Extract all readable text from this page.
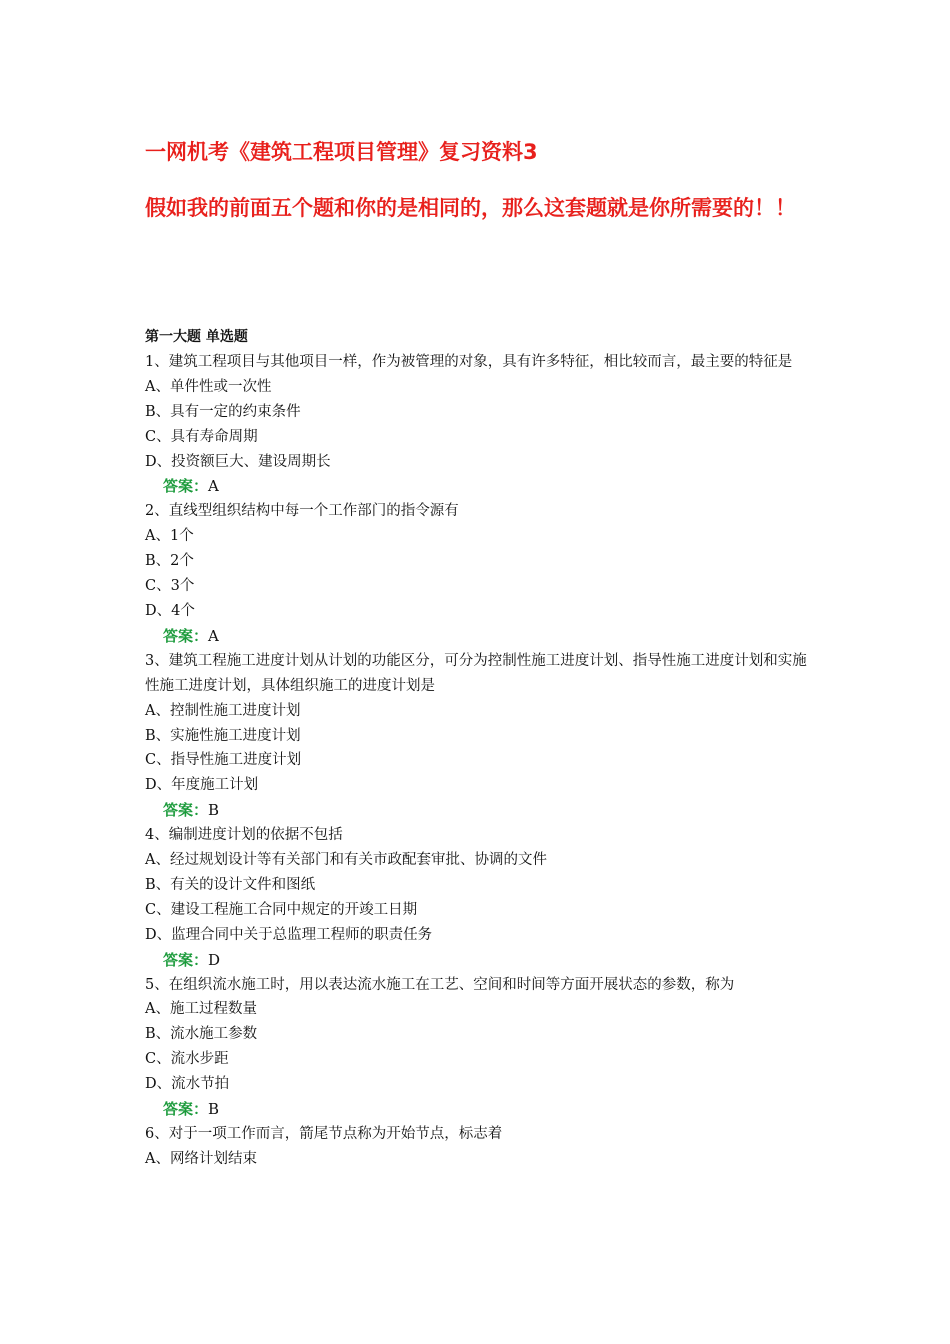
一网机考《建筑工程项目管理》复习资料3
假如我的前面五个题和你的是相同的，那么这套题就是你所需要的！！
第一大题 单选题
1、建筑工程项目与其他项目一样，作为被管理的对象，具有许多特征，相比较而言，最主要的特征是
A、单件性或一次性
B、具有一定的约束条件
C、具有寿命周期
D、投资额巨大、建设周期长
答案：A
2、直线型组织结构中每一个工作部门的指令源有
A、1个
B、2个
C、3个
D、4个
答案：A
3、建筑工程施工进度计划从计划的功能区分，可分为控制性施工进度计划、指导性施工进度计划和实施性施工进度计划，具体组织施工的进度计划是
A、控制性施工进度计划
B、实施性施工进度计划
C、指导性施工进度计划
D、年度施工计划
答案：B
4、编制进度计划的依据不包括
A、经过规划设计等有关部门和有关市政配套审批、协调的文件
B、有关的设计文件和图纸
C、建设工程施工合同中规定的开竣工日期
D、监理合同中关于总监理工程师的职责任务
答案：D
5、在组织流水施工时，用以表达流水施工在工艺、空间和时间等方面开展状态的参数，称为
A、施工过程数量
B、流水施工参数
C、流水步距
D、流水节拍
答案：B
6、对于一项工作而言，箭尾节点称为开始节点，标志着
A、网络计划结束
